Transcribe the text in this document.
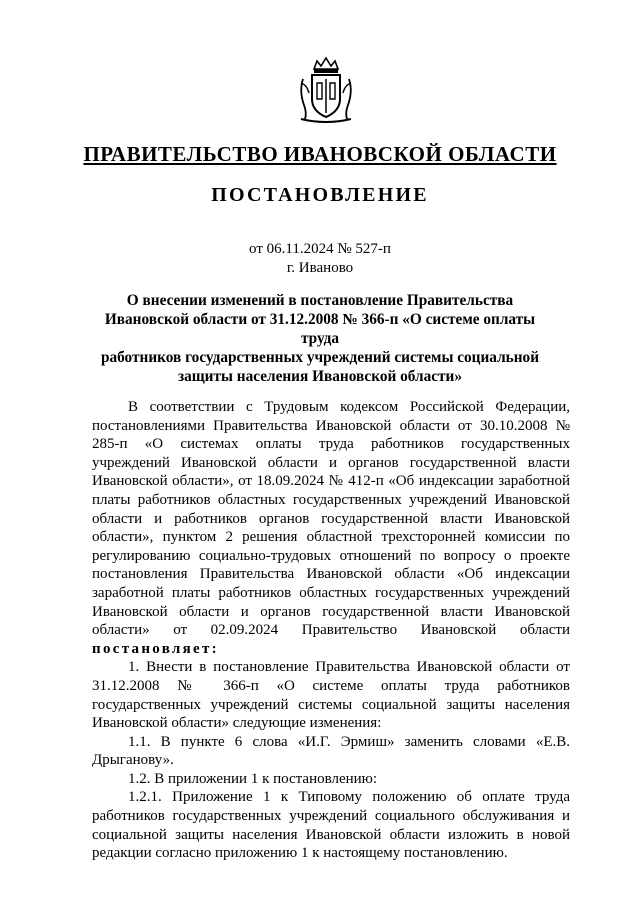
ПРАВИТЕЛЬСТВО ИВАНОВСКОЙ ОБЛАСТИ
ПОСТАНОВЛЕНИЕ
от 06.11.2024 № 527-п
г. Иваново
О внесении изменений в постановление Правительства
Ивановской области от 31.12.2008 № 366-п «О системе оплаты труда
работников государственных учреждений системы социальной
защиты населения Ивановской области»

В соответствии с Трудовым кодексом Российской Федерации, постановлениями Правительства Ивановской области от 30.10.2008 № 285-п «О системах оплаты труда работников государственных учреждений Ивановской области и органов государственной власти Ивановской области», от 18.09.2024 № 412-п «Об индексации заработной платы работников областных государственных учреждений Ивановской области и работников органов государственной власти Ивановской области», пунктом 2 решения областной трехсторонней комиссии по регулированию социально-трудовых отношений по вопросу о проекте постановления Правительства Ивановской области «Об индексации заработной платы работников областных государственных учреждений Ивановской области и органов государственной власти Ивановской области» от 02.09.2024 Правительство Ивановской области постановляет:

1. Внести в постановление Правительства Ивановской области от 31.12.2008 № 366-п «О системе оплаты труда работников государственных учреждений системы социальной защиты населения Ивановской области» следующие изменения:

1.1. В пункте 6 слова «И.Г. Эрмиш» заменить словами «Е.В. Дрыганову».

1.2. В приложении 1 к постановлению:

1.2.1. Приложение 1 к Типовому положению об оплате труда работников государственных учреждений социального обслуживания и социальной защиты населения Ивановской области изложить в новой редакции согласно приложению 1 к настоящему постановлению.
